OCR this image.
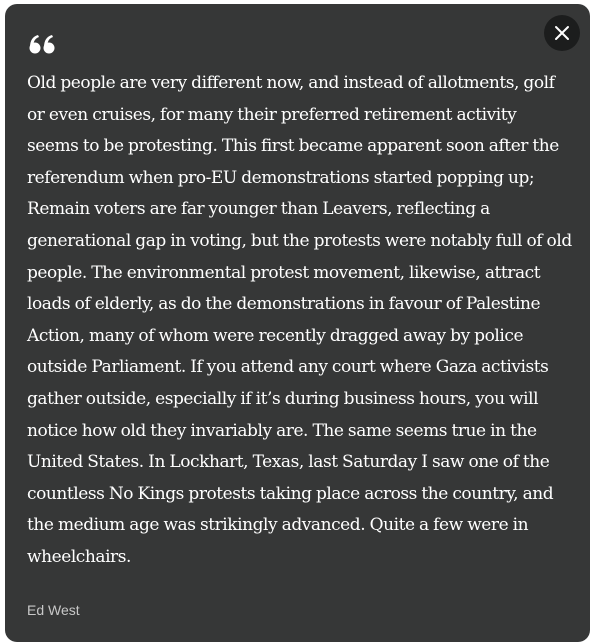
Old people are very different now, and instead of allotments, golf or even cruises, for many their preferred retirement activity seems to be protesting. This first became apparent soon after the referendum when pro-EU demonstrations started popping up; Remain voters are far younger than Leavers, reflecting a generational gap in voting, but the protests were notably full of old people. The environmental protest movement, likewise, attract loads of elderly, as do the demonstrations in favour of Palestine Action, many of whom were recently dragged away by police outside Parliament. If you attend any court where Gaza activists gather outside, especially if it’s during business hours, you will notice how old they invariably are. The same seems true in the United States. In Lockhart, Texas, last Saturday I saw one of the countless No Kings protests taking place across the country, and the medium age was strikingly advanced. Quite a few were in wheelchairs.

Ed West
